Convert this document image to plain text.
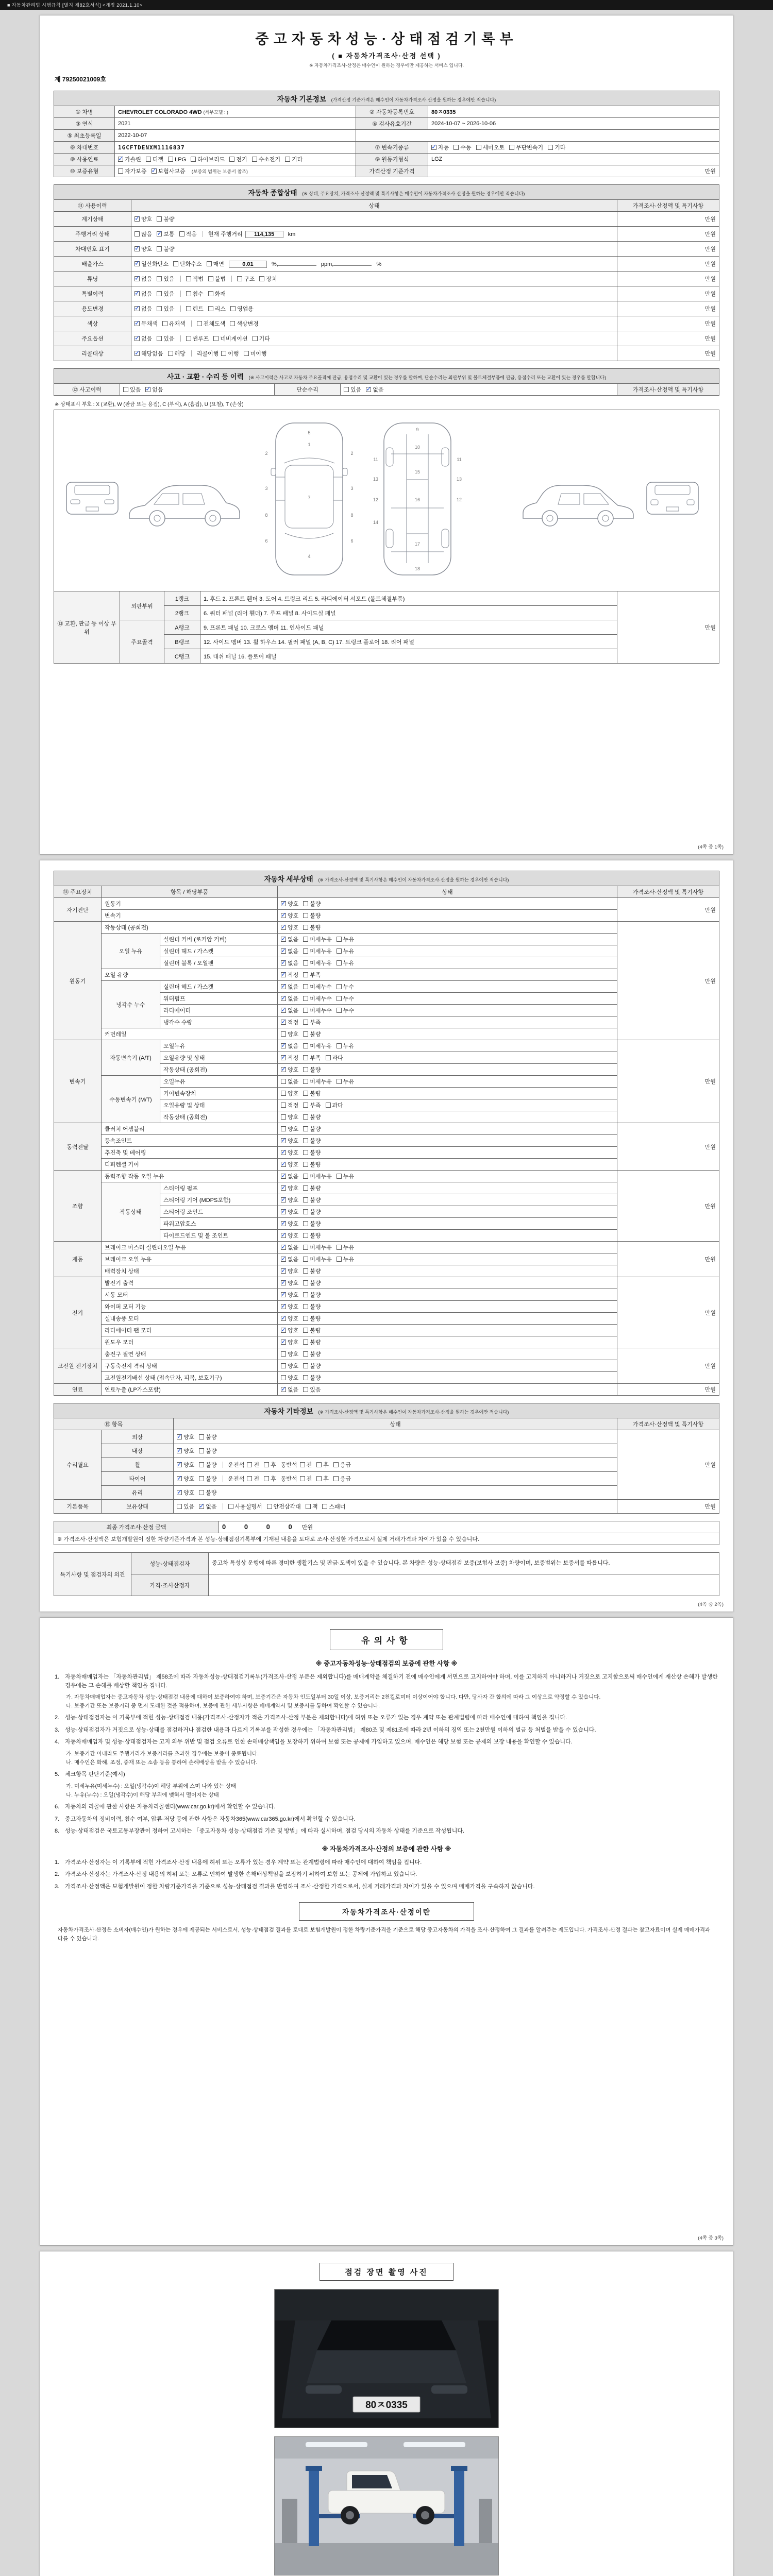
■ 자동차관리법 시행규칙 [별지 제82호서식] <개정 2021.1.10>
중고자동차성능·상태점검기록부
( ■ 자동차가격조사·산정 선택 )
※ 자동차가격조사·산정은 매수인이 원하는 경우에만 제공하는 서비스 입니다.
제 79250021009호
자동차 기본정보 (가격산정 기준가격은 매수인이 자동차가격조사·산정을 원하는 경우에만 적습니다)
① 차명	CHEVROLET COLORADO 4WD (세부모델 : )	② 자동차등록번호	80ㅈ0335
③ 연식	2021	④ 검사유효기간	2024-10-07 ~ 2026-10-06
⑤ 최초등록일	2022-10-07		
⑥ 차대번호	1GCFTDENXM1116837	⑦ 변속기종류	✓자동 수동 세미오토 무단변속기 기타
⑧ 사용연료	✓가솔린 디젤 LPG 하이브리드 전기 수소전기 기타	⑨ 원동기형식	LGZ
⑩ 보증유형	자가보증 ✓ 보험사보증 (보증의 범위는 보증서 참조)	가격산정 기준가격	만원
자동차 종합상태 (※ 상태, 주요장치, 가격조사·산정액 및 특기사항은 매수인이 자동차가격조사·산정을 원하는 경우에만 적습니다)
⑪ 사용이력	상태	가격조사·산정액 및 특기사항
계기상태	✓양호 불량	만원
주행거리 상태	많음 ✓ 보통 적음 현재 주행거리 114,135 km	만원
차대번호 표기	✓양호 불량	만원
배출가스	✓일산화탄소 탄화수소 매연 0.01 %, ppm, %	만원
튜닝	✓없음 있음 적법 불법 구조 장치	만원
특별이력	✓없음 있음 침수 화재	만원
용도변경	✓없음 있음 렌트 리스 영업용	만원
색상	✓무채색 유채색 전체도색 색상변경	만원
주요옵션	✓없음 있음 썬루프 네비게이션 기타	만원
리콜대상	✓해당없음 해당 리콜이행 이행 미이행	만원
사고 · 교환 · 수리 등 이력 (※ 사고이력은 사고로 자동차 주요골격에 판금, 용접수리 및 교환이 있는 경우를 말하며, 단순수리는 외판부위 및 볼트체결부품에 판금, 용접수리 또는 교환이 있는 경우를 말합니다)
⑫ 사고이력	있음 ✓ 없음	단순수리	있음 ✓ 없음	가격조사·산정액 및 특기사항
※ 상태표시 부호 : X (교환), W (판금 또는 용접), C (부식), A (흠집), U (요철), T (손상)
1
2	2
3	3
4
5
6	6
7
8	8
9
10
11	11
12	12
13	13
14
15
16
17
18
⑬ 교환, 판금 등 이상 부위	외판부위	1랭크	1. 후드 2. 프론트 휀더 3. 도어 4. 트렁크 리드 5. 라디에이터 서포트 (볼트체결부품)	만원
		2랭크	6. 쿼터 패널 (리어 휀더) 7. 루프 패널 8. 사이드실 패널	
	주요골격	A랭크	9. 프론트 패널 10. 크로스 멤버 11. 인사이드 패널	
		B랭크	12. 사이드 멤버 13. 휠 하우스 14. 필러 패널 (A, B, C) 17. 트렁크 플로어 18. 리어 패널	
		C랭크	15. 대쉬 패널 16. 플로어 패널	
(4쪽 중 1쪽)
자동차 세부상태 (※ 가격조사·산정액 및 특기사항은 매수인이 자동차가격조사·산정을 원하는 경우에만 적습니다)
⑭ 주요장치	항목 / 해당부품		상태	가격조사·산정액 및 특기사항
자기진단	원동기	✓양호 불량	만원
	변속기	✓양호 불량
원동기	작동상태 (공회전)	✓양호 불량	만원
	오일 누유	실린더 커버 (로커암 커버)	✓없음 미세누유 누유
		실린더 헤드 / 가스켓	✓없음 미세누유 누유
		실린더 블록 / 오일팬	✓없음 미세누유 누유
	오일 유량	✓적정 부족
	냉각수 누수	실린더 헤드 / 가스켓	✓없음 미세누수 누수
		워터펌프	✓없음 미세누수 누수
		라디에이터	✓없음 미세누수 누수
		냉각수 수량	✓적정 부족
	커먼레일		양호 불량	
변속기	자동변속기 (A/T)	오일누유	✓없음 미세누유 누유	만원
		오일유량 및 상태	✓적정 부족 과다
		작동상태 (공회전)	✓양호 불량
	수동변속기 (M/T)	오일누유	없음 미세누유 누유	
		기어변속장치	양호 불량	
		오일유량 및 상태	적정 부족 과다	
		작동상태 (공회전)	양호 불량	
동력전달	클러치 어셈블리		양호 불량	만원
	등속조인트	✓양호 불량
	추진축 및 베어링	✓양호 불량
	디퍼렌셜 기어	✓양호 불량
조향	동력조향 작동 오일 누유	✓없음 미세누유 누유	만원
	작동상태	스티어링 펌프	✓양호 불량
		스티어링 기어 (MDPS포함)	✓양호 불량
		스티어링 조인트	✓양호 불량
		파워고압호스	✓양호 불량
		타이로드엔드 및 볼 조인트	✓양호 불량
제동	브레이크 마스터 실린더오일 누유	✓없음 미세누유 누유	만원
	브레이크 오일 누유	✓없음 미세누유 누유
	배력장치 상태	✓양호 불량
전기	발전기 출력	✓양호 불량	만원
	시동 모터	✓양호 불량
	와이퍼 모터 기능	✓양호 불량
	실내송풍 모터	✓양호 불량
	라디에이터 팬 모터	✓양호 불량
	윈도우 모터	✓양호 불량
고전원 전기장치	충전구 절연 상태		양호 불량	만원
	구동축전지 격리 상태		양호 불량	
	고전원전기배선 상태 (접속단자, 피복, 보호기구)		양호 불량	
연료	연료누출 (LP가스포함)	✓없음 있음	만원
자동차 기타정보 (※ 가격조사·산정액 및 특기사항은 매수인이 자동차가격조사·산정을 원하는 경우에만 적습니다)
⑮ 항목		상태	가격조사·산정액 및 특기사항
수리필요	외장	✓양호 불량	만원
	내장	✓양호 불량
	휠	✓양호 불량 운전석 전 후 동반석 전 후 응급
	타이어	✓양호 불량 운전석 전 후 동반석 전 후 응급
	유리	✓양호 불량
기본품목	보유상태	있음 ✓ 없음 사용설명서 안전삼각대 잭 스패너	만원
최종 가격조사·산정 금액	0 0 0 0 만원
※ 가격조사·산정액은 보험개발원이 정한 차량기준가격과 본 성능·상태점검기록부에 기재된 내용을 토대로 조사·산정한 가격으로서 실제 거래가격과 차이가 있을 수 있습니다.
특기사항 및 점검자의 의견	성능·상태점검자	중고차 특성상 운행에 따른 경미한 생활기스 및 판금·도색이 있을 수 있습니다. 본 차량은 성능·상태점검 보증(보험사 보증) 차량이며, 보증범위는 보증서를 따릅니다.
	가격·조사산정자	
(4쪽 중 2쪽)
유의사항
※ 중고자동차성능·상태점검의 보증에 관한 사항 ※
1. 자동차매매업자는 「자동차관리법」 제58조에 따라 자동차성능·상태점검기록부(가격조사·산정 부분은 제외합니다)를 매매계약을 체결하기 전에 매수인에게 서면으로 고지하여야 하며, 이를 고지하지 아니하거나 거짓으로 고지함으로써 매수인에게 재산상 손해가 발생한 경우에는 그 손해를 배상할 책임을 집니다.
가. 자동차매매업자는 중고자동차 성능·상태점검 내용에 대하여 보증하여야 하며, 보증기간은 자동차 인도일부터 30일 이상, 보증거리는 2천킬로미터 이상이어야 합니다. 다만, 당사자 간 합의에 따라 그 이상으로 약정할 수 있습니다.
나. 보증기간 또는 보증거리 중 먼저 도래한 것을 적용하며, 보증에 관한 세부사항은 매매계약서 및 보증서를 통하여 확인할 수 있습니다.
2. 성능·상태점검자는 이 기록부에 적힌 성능·상태점검 내용(가격조사·산정자가 적은 가격조사·산정 부분은 제외합니다)에 허위 또는 오류가 있는 경우 계약 또는 관계법령에 따라 매수인에 대하여 책임을 집니다.
3. 성능·상태점검자가 거짓으로 성능·상태를 점검하거나 점검한 내용과 다르게 기록부를 작성한 경우에는 「자동차관리법」 제80조 및 제81조에 따라 2년 이하의 징역 또는 2천만원 이하의 벌금 등 처벌을 받을 수 있습니다.
4. 자동차매매업자 및 성능·상태점검자는 고지 의무 위반 및 점검 오류로 인한 손해배상책임을 보장하기 위하여 보험 또는 공제에 가입하고 있으며, 매수인은 해당 보험 또는 공제의 보장 내용을 확인할 수 있습니다.
가. 보증기간 이내라도 주행거리가 보증거리를 초과한 경우에는 보증이 종료됩니다.
나. 매수인은 화해, 조정, 중재 또는 소송 등을 통하여 손해배상을 받을 수 있습니다.
5. 체크항목 판단기준(예시)
가. 미세누유(미세누수) : 오일(냉각수)이 해당 부위에 스며 나와 있는 상태
나. 누유(누수) : 오일(냉각수)이 해당 부위에 맺혀서 떨어지는 상태
6. 자동차의 리콜에 관한 사항은 자동차리콜센터(www.car.go.kr)에서 확인할 수 있습니다.
7. 중고자동차의 정비이력, 침수 여부, 압류·저당 등에 관한 사항은 자동차365(www.car365.go.kr)에서 확인할 수 있습니다.
8. 성능·상태점검은 국토교통부장관이 정하여 고시하는 「중고자동차 성능·상태점검 기준 및 방법」에 따라 실시하며, 점검 당시의 자동차 상태를 기준으로 작성됩니다.
※ 자동차가격조사·산정의 보증에 관한 사항 ※
1. 가격조사·산정자는 이 기록부에 적힌 가격조사·산정 내용에 허위 또는 오류가 있는 경우 계약 또는 관계법령에 따라 매수인에 대하여 책임을 집니다.
2. 가격조사·산정자는 가격조사·산정 내용의 허위 또는 오류로 인하여 발생한 손해배상책임을 보장하기 위하여 보험 또는 공제에 가입하고 있습니다.
3. 가격조사·산정액은 보험개발원이 정한 차량기준가격을 기준으로 성능·상태점검 결과를 반영하여 조사·산정한 가격으로서, 실제 거래가격과 차이가 있을 수 있으며 매매가격을 구속하지 않습니다.
자동차가격조사·산정이란

자동차가격조사·산정은 소비자(매수인)가 원하는 경우에 제공되는 서비스로서, 성능·상태점검 결과를 토대로 보험개발원이 정한 차량기준가격을 기준으로 해당 중고자동차의 가격을 조사·산정하여 그 결과를 알려주는 제도입니다. 가격조사·산정 결과는 참고자료이며 실제 매매가격과 다를 수 있습니다.

(4쪽 중 3쪽)
점검 장면 촬영 사진
80ㅈ0335
